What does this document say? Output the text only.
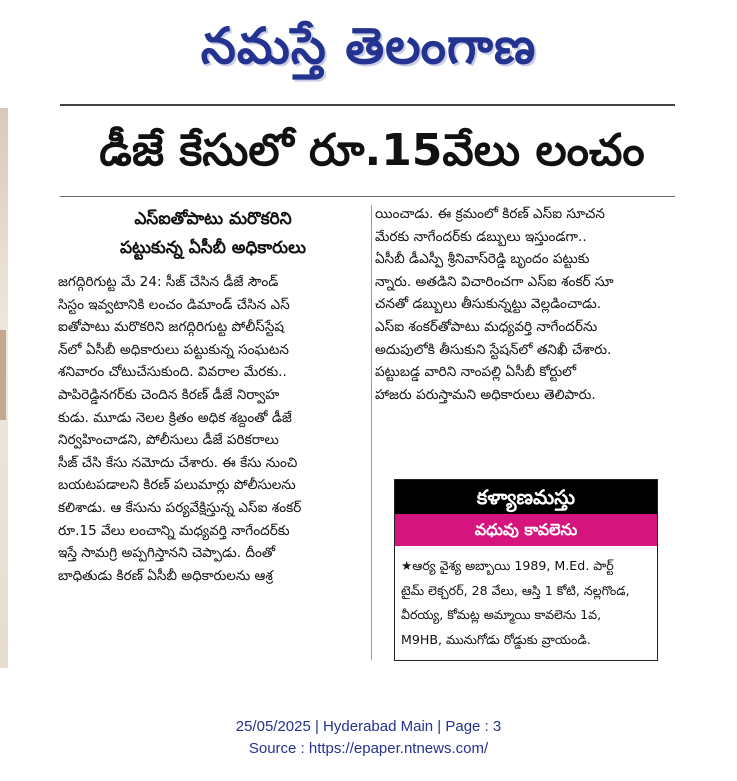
నమస్తే తెలంగాణ
డీజే కేసులో రూ.15వేలు లంచం
ఎస్ఐతోపాటు మరొకరిని
పట్టుకున్న ఏసీబీ అధికారులు
జగద్గిరిగుట్ట మే 24: సీజ్ చేసిన డీజే సౌండ్
సిస్టం ఇవ్వటానికి లంచం డిమాండ్ చేసిన ఎస్
ఐతోపాటు మరొకరిని జగద్గిరిగుట్ట పోలీస్‌స్టేష
న్‌లో ఏసీబీ అధికారులు పట్టుకున్న సంఘటన
శనివారం చోటుచేసుకుంది. వివరాల మేరకు..
పాపిరెడ్డినగర్‌కు చెందిన కిరణ్ డీజే నిర్వాహ
కుడు. మూడు నెలల క్రితం అధిక శబ్దంతో డీజే
నిర్వహించాడని, పోలీసులు డీజే పరికరాలు
సీజ్ చేసి కేసు నమోదు చేశారు. ఈ కేసు నుంచి
బయటపడాలని కిరణ్ పలుమార్లు పోలీసులను
కలిశాడు. ఆ కేసును పర్యవేక్షిస్తున్న ఎస్ఐ శంకర్
రూ.15 వేలు లంచాన్ని మధ్యవర్తి నాగేందర్‌కు
ఇస్తే సామగ్రి అప్పగిస్తానని చెప్పాడు. దీంతో
బాధితుడు కిరణ్ ఏసీబీ అధికారులను ఆశ్ర
యించాడు. ఈ క్రమంలో కిరణ్ ఎస్ఐ సూచన
మేరకు నాగేందర్‌కు డబ్బులు ఇస్తుండగా..
ఏసీబీ డీఎస్పీ శ్రీనివాస్‌రెడ్డి బృందం పట్టుకు
న్నారు. అతడిని విచారించగా ఎస్ఐ శంకర్ సూ
చనతో డబ్బులు తీసుకున్నట్టు వెల్లడించాడు.
ఎస్ఐ శంకర్‌తోపాటు మధ్యవర్తి నాగేందర్‌ను
అదుపులోకి తీసుకుని స్టేషన్‌లో తనిఖీ చేశారు.
పట్టుబడ్డ వారిని నాంపల్లి ఏసీబీ కోర్టులో
హాజరు పరుస్తామని అధికారులు తెలిపారు.
కళ్యాణమస్తు
వధువు కావలెను
★ఆర్య వైశ్య అబ్బాయి 1989, M.Ed. పార్ట్
టైమ్ లెక్చరర్, 28 వేలు, ఆస్తి 1 కోటి, నల్లగొండ,
వీరయ్య, కోమట్ల అమ్మాయి కావలెను 1వ,
M9HB, మునుగోడు రోడ్డుకు వ్రాయండి.
25/05/2025 | Hyderabad Main | Page : 3
Source : https://epaper.ntnews.com/
